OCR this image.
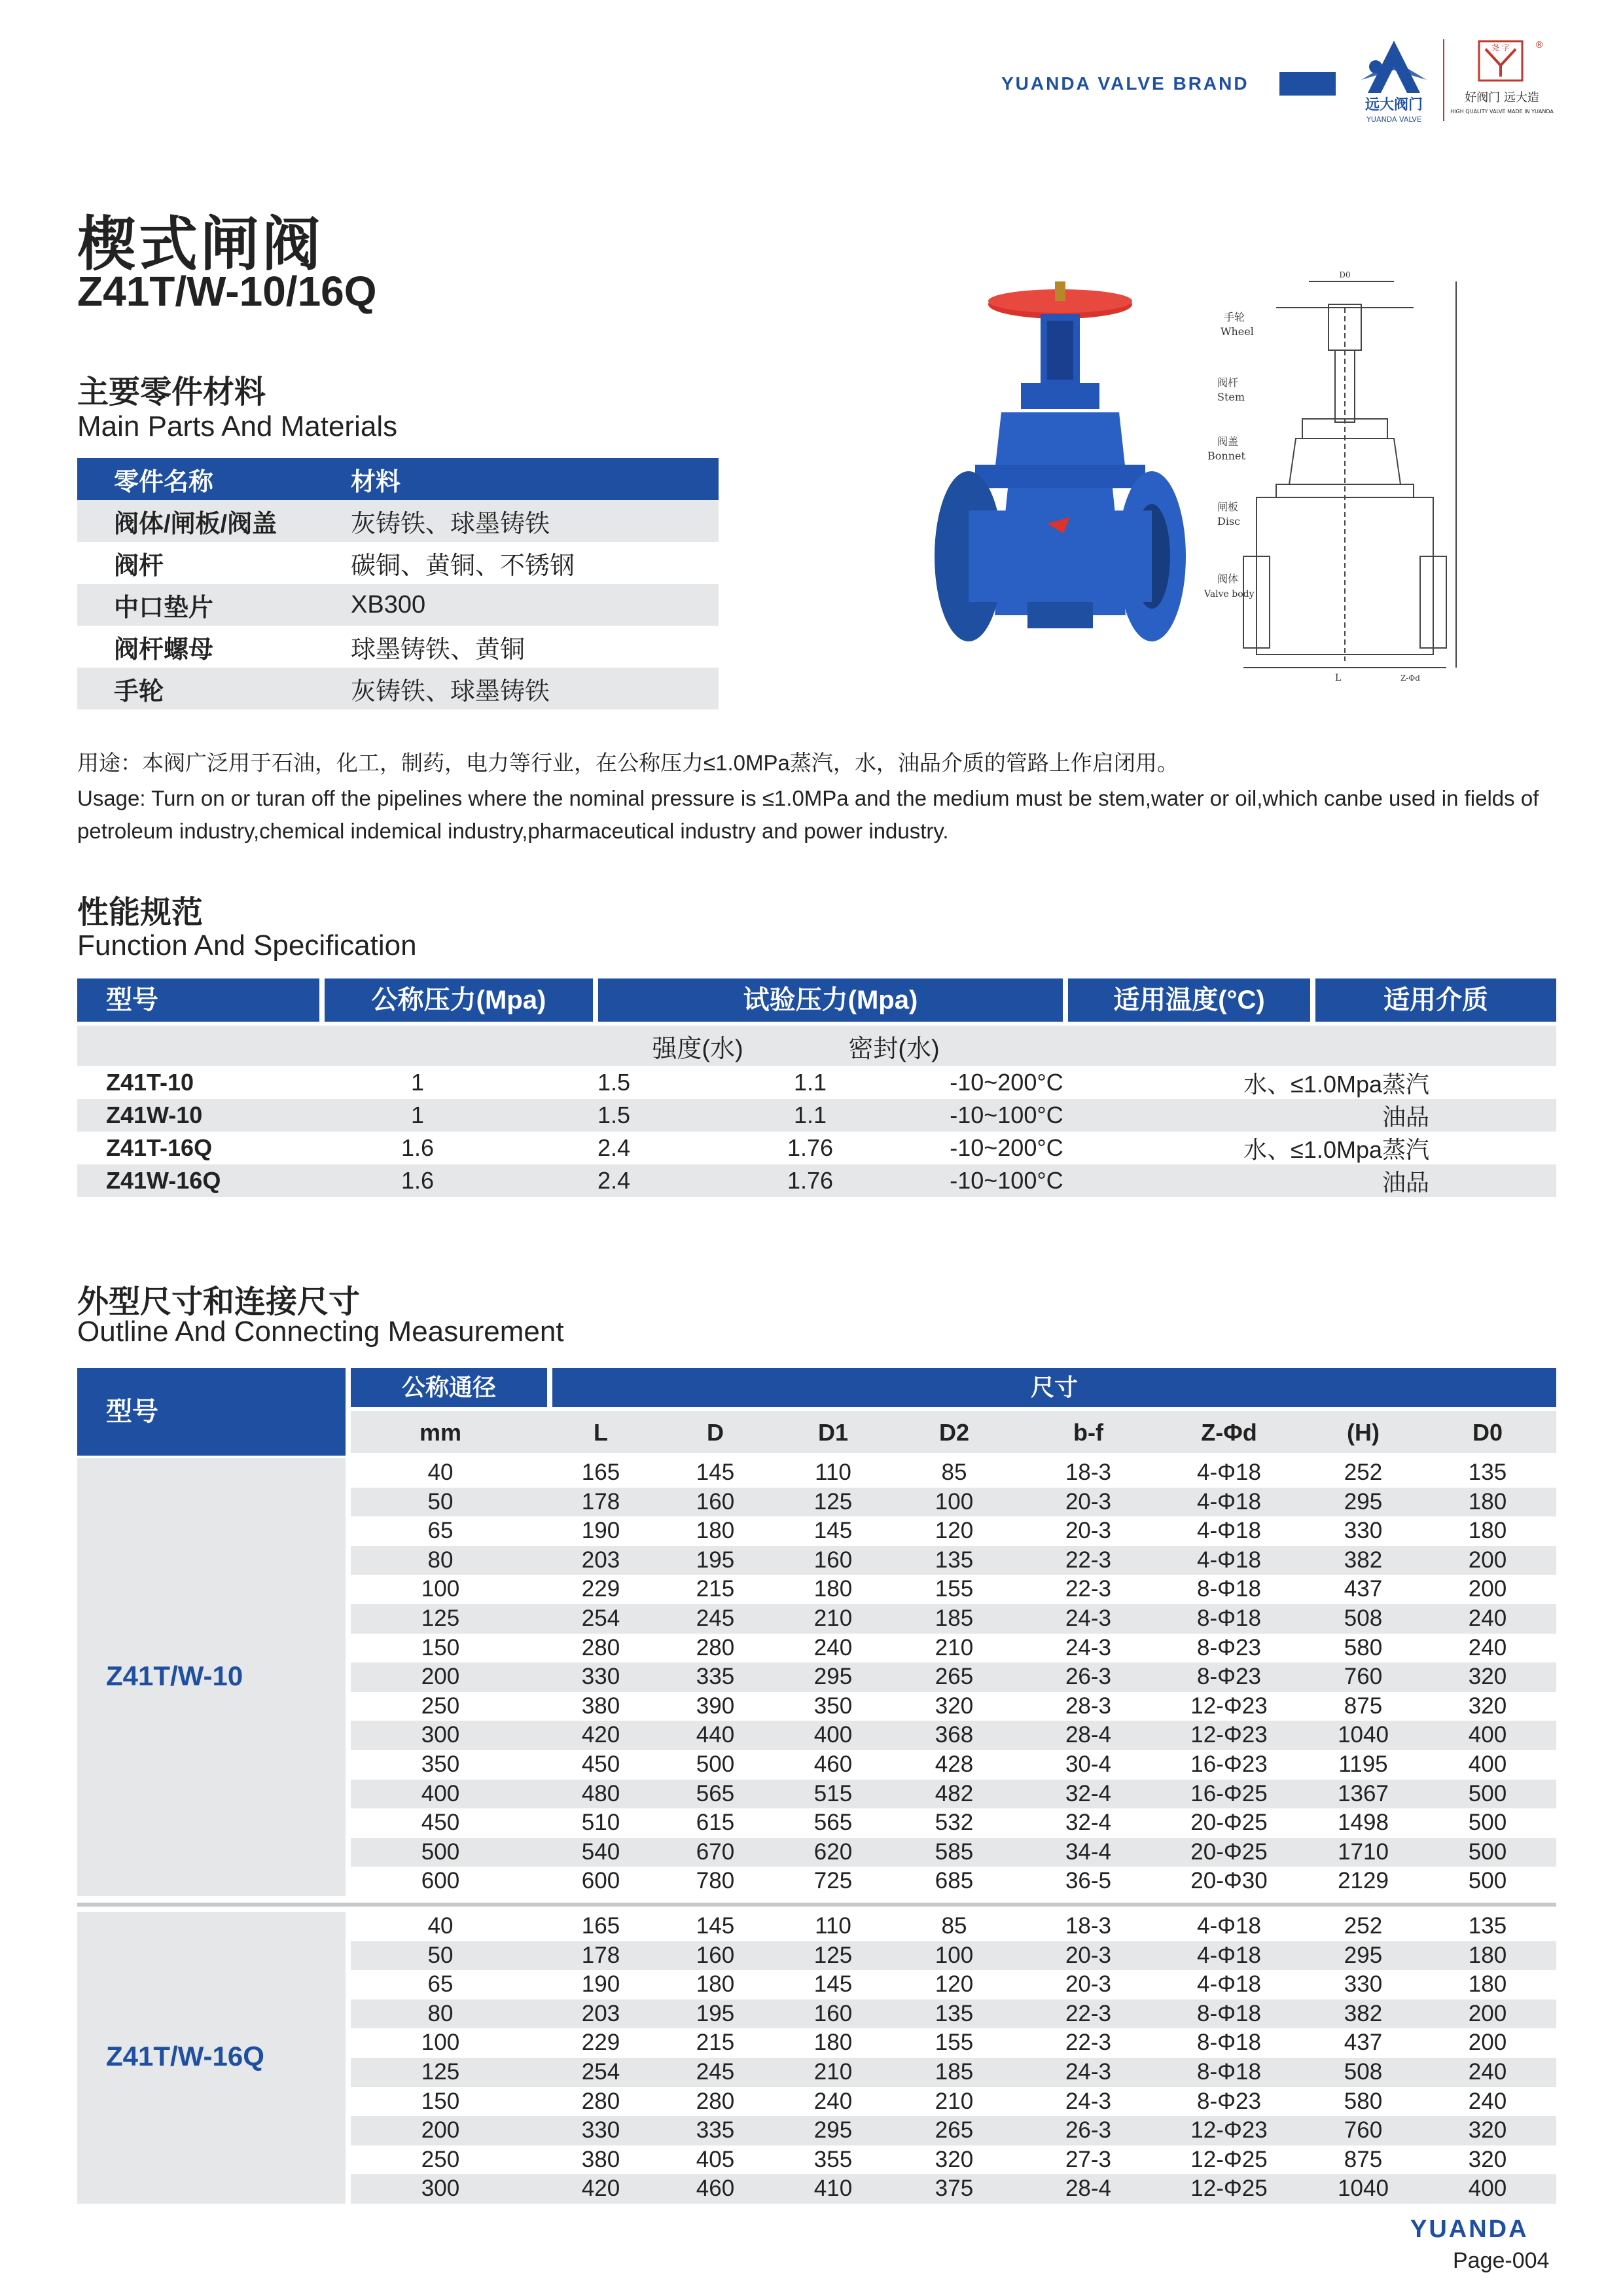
YUANDA VALVE BRAND
远大阀门
YUANDA VALVE
尧 字	®
好阀门 远大造
HIGH QUALITY VALVE MADE IN YUANDA
楔式闸阀
Z41T/W-10/16Q
主要零件材料
Main Parts And Materials
零件名称	材料
阀体/闸板/阀盖	灰铸铁、球墨铸铁
阀杆	碳铜、黄铜、不锈钢
中口垫片	XB300
阀杆螺母	球墨铸铁、黄铜
手轮	灰铸铁、球墨铸铁
D0
手轮
Wheel
阀杆
Stem
阀盖
Bonnet
闸板
Disc
阀体
Valve body
L	Z-Φd
用途：本阀广泛用于石油，化工，制药，电力等行业，在公称压力≤1.0MPa蒸汽，水，油品介质的管路上作启闭用。
Usage: Turn on or turan off the pipelines where the nominal pressure is ≤1.0MPa and the medium must be stem,water or oil,which canbe used in fields of petroleum industry,chemical indemical industry,pharmaceutical industry and power industry.
性能规范
Function And Specification
型号	公称压力(Mpa)	试验压力(Mpa)	适用温度(°C)	适用介质
强度(水)	密封(水)
Z41T-10	1	1.5	1.1	-10~200°C	水、≤1.0Mpa蒸汽
Z41W-10	1	1.5	1.1	-10~100°C	油品
Z41T-16Q	1.6	2.4	1.76	-10~200°C	水、≤1.0Mpa蒸汽
Z41W-16Q	1.6	2.4	1.76	-10~100°C	油品
外型尺寸和连接尺寸
Outline And Connecting Measurement
型号
公称通径	尺寸
mm	L	D	D1	D2	b-f	Z-Φd	(H)	D0
Z41T/W-10
40	165	145	110	85	18-3	4-Φ18	252	135
50	178	160	125	100	20-3	4-Φ18	295	180
65	190	180	145	120	20-3	4-Φ18	330	180
80	203	195	160	135	22-3	4-Φ18	382	200
100	229	215	180	155	22-3	8-Φ18	437	200
125	254	245	210	185	24-3	8-Φ18	508	240
150	280	280	240	210	24-3	8-Φ23	580	240
200	330	335	295	265	26-3	8-Φ23	760	320
250	380	390	350	320	28-3	12-Φ23	875	320
300	420	440	400	368	28-4	12-Φ23	1040	400
350	450	500	460	428	30-4	16-Φ23	1195	400
400	480	565	515	482	32-4	16-Φ25	1367	500
450	510	615	565	532	32-4	20-Φ25	1498	500
500	540	670	620	585	34-4	20-Φ25	1710	500
600	600	780	725	685	36-5	20-Φ30	2129	500
Z41T/W-16Q
40	165	145	110	85	18-3	4-Φ18	252	135
50	178	160	125	100	20-3	4-Φ18	295	180
65	190	180	145	120	20-3	4-Φ18	330	180
80	203	195	160	135	22-3	8-Φ18	382	200
100	229	215	180	155	22-3	8-Φ18	437	200
125	254	245	210	185	24-3	8-Φ18	508	240
150	280	280	240	210	24-3	8-Φ23	580	240
200	330	335	295	265	26-3	12-Φ23	760	320
250	380	405	355	320	27-3	12-Φ25	875	320
300	420	460	410	375	28-4	12-Φ25	1040	400
YUANDA
Page-004
